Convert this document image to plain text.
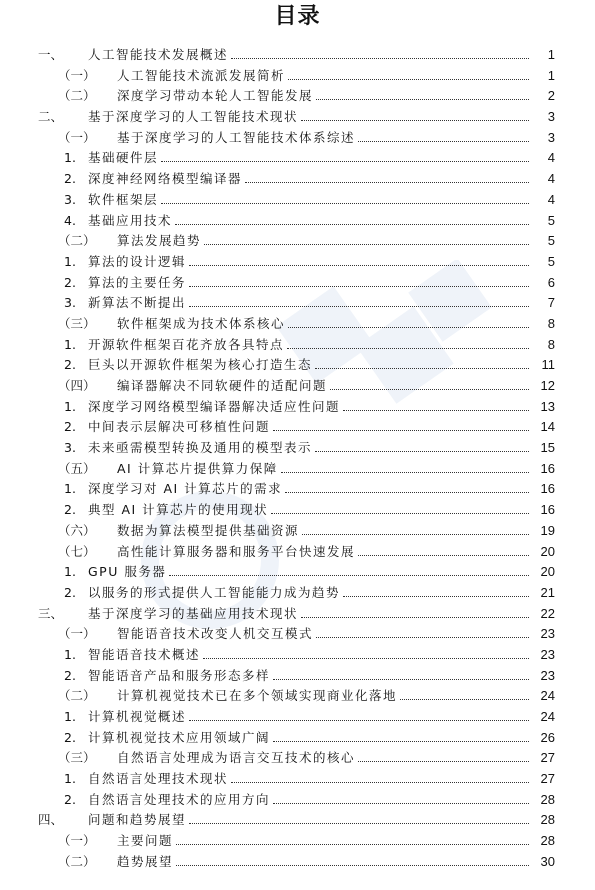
目录
一、 人工智能技术发展概述	1
（一） 人工智能技术流派发展简析	1
（二） 深度学习带动本轮人工智能发展	2
二、 基于深度学习的人工智能技术现状	3
（一） 基于深度学习的人工智能技术体系综述	3
1. 基础硬件层	4
2. 深度神经网络模型编译器	4
3. 软件框架层	4
4. 基础应用技术	5
（二） 算法发展趋势	5
1. 算法的设计逻辑	5
2. 算法的主要任务	6
3. 新算法不断提出	7
（三） 软件框架成为技术体系核心	8
1. 开源软件框架百花齐放各具特点	8
2. 巨头以开源软件框架为核心打造生态	11
（四） 编译器解决不同软硬件的适配问题	12
1. 深度学习网络模型编译器解决适应性问题	13
2. 中间表示层解决可移植性问题	14
3. 未来亟需模型转换及通用的模型表示	15
（五） AI 计算芯片提供算力保障	16
1. 深度学习对 AI 计算芯片的需求	16
2. 典型 AI 计算芯片的使用现状	16
（六） 数据为算法模型提供基础资源	19
（七） 高性能计算服务器和服务平台快速发展	20
1. GPU 服务器	20
2. 以服务的形式提供人工智能能力成为趋势	21
三、 基于深度学习的基础应用技术现状	22
（一） 智能语音技术改变人机交互模式	23
1. 智能语音技术概述	23
2. 智能语音产品和服务形态多样	23
（二） 计算机视觉技术已在多个领域实现商业化落地	24
1. 计算机视觉概述	24
2. 计算机视觉技术应用领域广阔	26
（三） 自然语言处理成为语言交互技术的核心	27
1. 自然语言处理技术现状	27
2. 自然语言处理技术的应用方向	28
四、 问题和趋势展望	28
（一） 主要问题	28
（二） 趋势展望	30
